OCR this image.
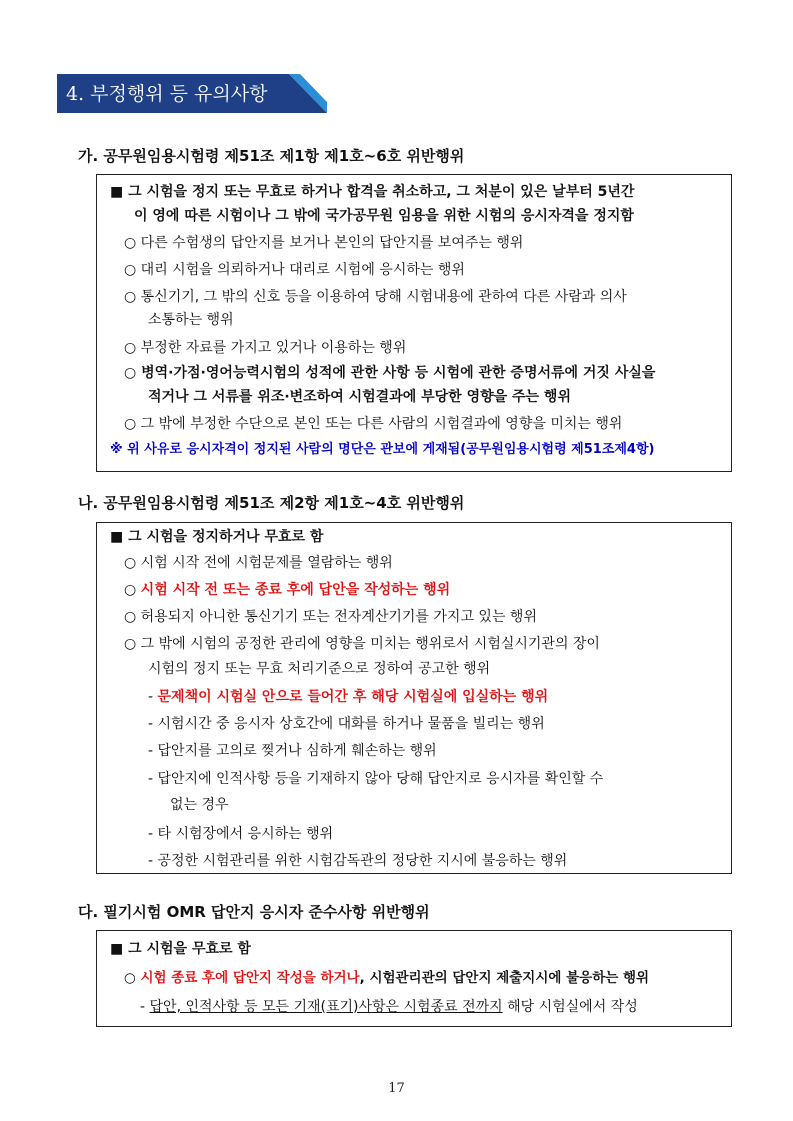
4. 부정행위 등 유의사항
가. 공무원임용시험령 제51조 제1항 제1호~6호 위반행위
■ 그 시험을 정지 또는 무효로 하거나 합격을 취소하고, 그 처분이 있은 날부터 5년간
이 영에 따른 시험이나 그 밖에 국가공무원 임용을 위한 시험의 응시자격을 정지함
○ 다른 수험생의 답안지를 보거나 본인의 답안지를 보여주는 행위
○ 대리 시험을 의뢰하거나 대리로 시험에 응시하는 행위
○ 통신기기, 그 밖의 신호 등을 이용하여 당해 시험내용에 관하여 다른 사람과 의사
소통하는 행위
○ 부정한 자료를 가지고 있거나 이용하는 행위
○ 병역·가점·영어능력시험의 성적에 관한 사항 등 시험에 관한 증명서류에 거짓 사실을
적거나 그 서류를 위조·변조하여 시험결과에 부당한 영향을 주는 행위
○ 그 밖에 부정한 수단으로 본인 또는 다른 사람의 시험결과에 영향을 미치는 행위
※ 위 사유로 응시자격이 정지된 사람의 명단은 관보에 게재됨(공무원임용시험령 제51조제4항)
나. 공무원임용시험령 제51조 제2항 제1호~4호 위반행위
■ 그 시험을 정지하거나 무효로 함
○ 시험 시작 전에 시험문제를 열람하는 행위
○ 시험 시작 전 또는 종료 후에 답안을 작성하는 행위
○ 허용되지 아니한 통신기기 또는 전자계산기기를 가지고 있는 행위
○ 그 밖에 시험의 공정한 관리에 영향을 미치는 행위로서 시험실시기관의 장이
시험의 정지 또는 무효 처리기준으로 정하여 공고한 행위
- 문제책이 시험실 안으로 들어간 후 해당 시험실에 입실하는 행위
- 시험시간 중 응시자 상호간에 대화를 하거나 물품을 빌리는 행위
- 답안지를 고의로 찢거나 심하게 훼손하는 행위
- 답안지에 인적사항 등을 기재하지 않아 당해 답안지로 응시자를 확인할 수
없는 경우
- 타 시험장에서 응시하는 행위
- 공정한 시험관리를 위한 시험감독관의 정당한 지시에 불응하는 행위
다. 필기시험 OMR 답안지 응시자 준수사항 위반행위
■ 그 시험을 무효로 함
○ 시험 종료 후에 답안지 작성을 하거나, 시험관리관의 답안지 제출지시에 불응하는 행위
- 답안, 인적사항 등 모든 기재(표기)사항은 시험종료 전까지 해당 시험실에서 작성
17
